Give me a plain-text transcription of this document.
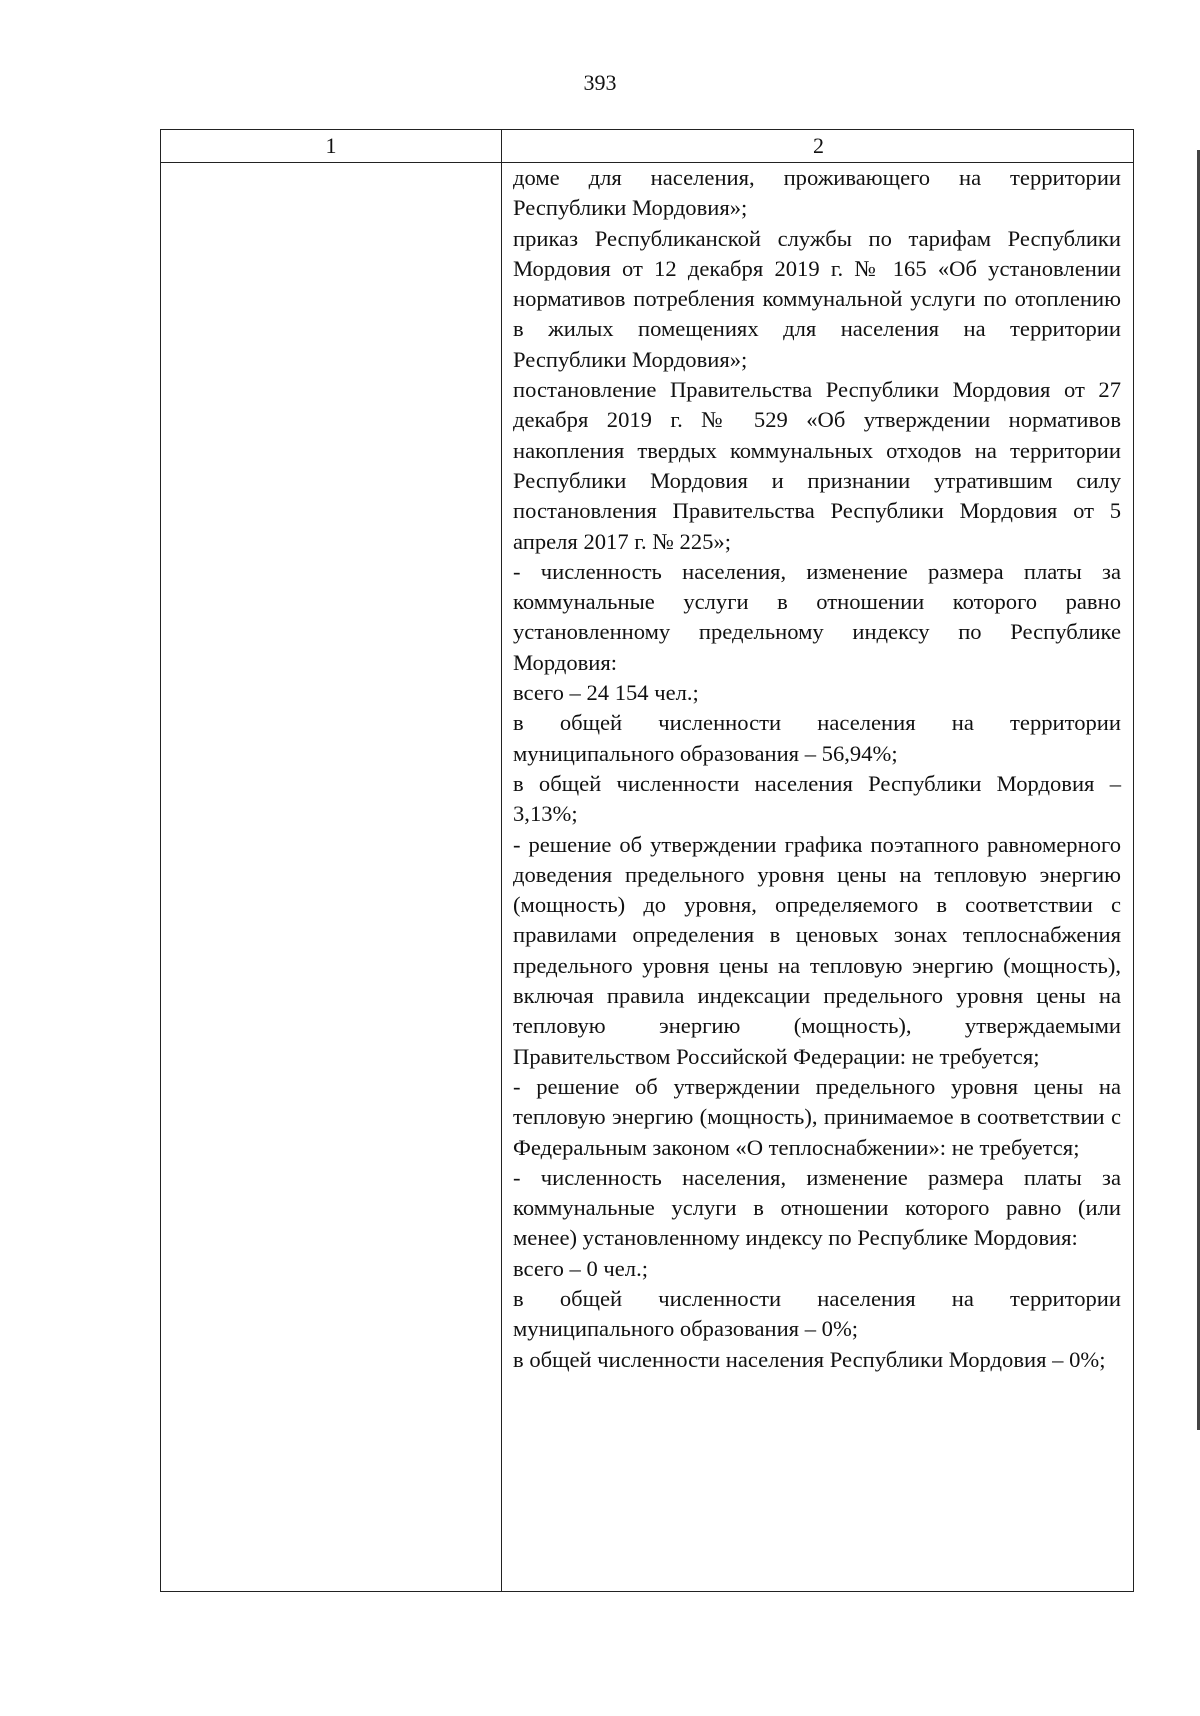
393
1	2

доме для населения, проживающего на территории Республики Мордовия»;

приказ Республиканской службы по тарифам Республики Мордовия от 12 декабря 2019 г. № 165 «Об установлении нормативов потребления коммунальной услуги по отоплению в жилых помещениях для населения на территории Республики Мордовия»;

постановление Правительства Республики Мордовия от 27 декабря 2019 г. № 529 «Об утверждении нормативов накопления твердых коммунальных отходов на территории Республики Мордовия и признании утратившим силу постановления Правительства Республики Мордовия от 5 апреля 2017 г. № 225»;

- численность населения, изменение размера платы за коммунальные услуги в отношении которого равно установленному предельному индексу по Республике Мордовия:

всего – 24 154 чел.;

в общей численности населения на территории муниципального образования – 56,94%;

в общей численности населения Республики Мордовия – 3,13%;

- решение об утверждении графика поэтапного равномерного доведения предельного уровня цены на тепловую энергию (мощность) до уровня, определяемого в соответствии с правилами определения в ценовых зонах теплоснабжения предельного уровня цены на тепловую энергию (мощность), включая правила индексации предельного уровня цены на тепловую энергию (мощность), утверждаемыми Правительством Российской Федерации: не требуется;

- решение об утверждении предельного уровня цены на тепловую энергию (мощность), принимаемое в соответствии с Федеральным законом «О теплоснабжении»: не требуется;

- численность населения, изменение размера платы за коммунальные услуги в отношении которого равно (или менее) установленному индексу по Республике Мордовия:

всего – 0 чел.;

в общей численности населения на территории муниципального образования – 0%;

в общей численности населения Республики Мордовия – 0%;
